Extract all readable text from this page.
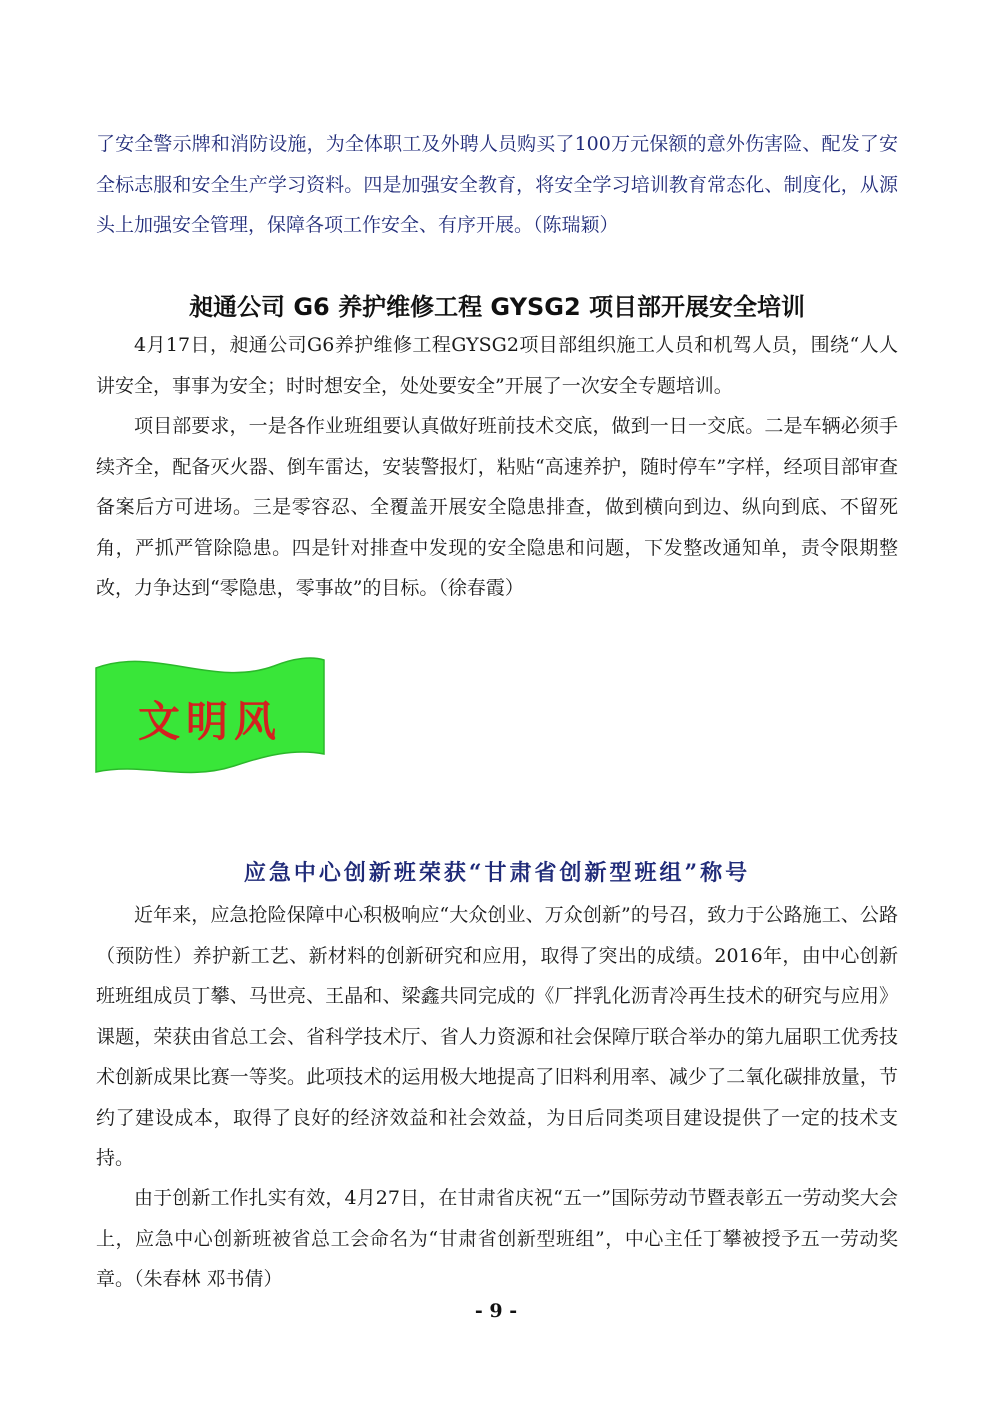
了安全警示牌和消防设施，为全体职工及外聘人员购买了100万元保额的意外伤害险、配发了安全标志服和安全生产学习资料。四是加强安全教育，将安全学习培训教育常态化、制度化，从源头上加强安全管理，保障各项工作安全、有序开展。（陈瑞颖）

昶通公司 G6 养护维修工程 GYSG2 项目部开展安全培训

4月17日，昶通公司G6养护维修工程GYSG2项目部组织施工人员和机驾人员，围绕“人人讲安全，事事为安全；时时想安全，处处要安全”开展了一次安全专题培训。

项目部要求，一是各作业班组要认真做好班前技术交底，做到一日一交底。二是车辆必须手续齐全，配备灭火器、倒车雷达，安装警报灯，粘贴“高速养护，随时停车”字样，经项目部审查备案后方可进场。三是零容忍、全覆盖开展安全隐患排查，做到横向到边、纵向到底、不留死角，严抓严管除隐患。四是针对排查中发现的安全隐患和问题，下发整改通知单，责令限期整改，力争达到“零隐患，零事故”的目标。（徐春霞）

文明风
应急中心创新班荣获“甘肃省创新型班组”称号

近年来，应急抢险保障中心积极响应“大众创业、万众创新”的号召，致力于公路施工、公路（预防性）养护新工艺、新材料的创新研究和应用，取得了突出的成绩。2016年，由中心创新班班组成员丁攀、马世亮、王晶和、梁鑫共同完成的《厂拌乳化沥青冷再生技术的研究与应用》课题，荣获由省总工会、省科学技术厅、省人力资源和社会保障厅联合举办的第九届职工优秀技术创新成果比赛一等奖。此项技术的运用极大地提高了旧料利用率、减少了二氧化碳排放量，节约了建设成本，取得了良好的经济效益和社会效益，为日后同类项目建设提供了一定的技术支持。

由于创新工作扎实有效，4月27日，在甘肃省庆祝“五一”国际劳动节暨表彰五一劳动奖大会上，应急中心创新班被省总工会命名为“甘肃省创新型班组”，中心主任丁攀被授予五一劳动奖章。（朱春林 邓书倩）

- 9 -
